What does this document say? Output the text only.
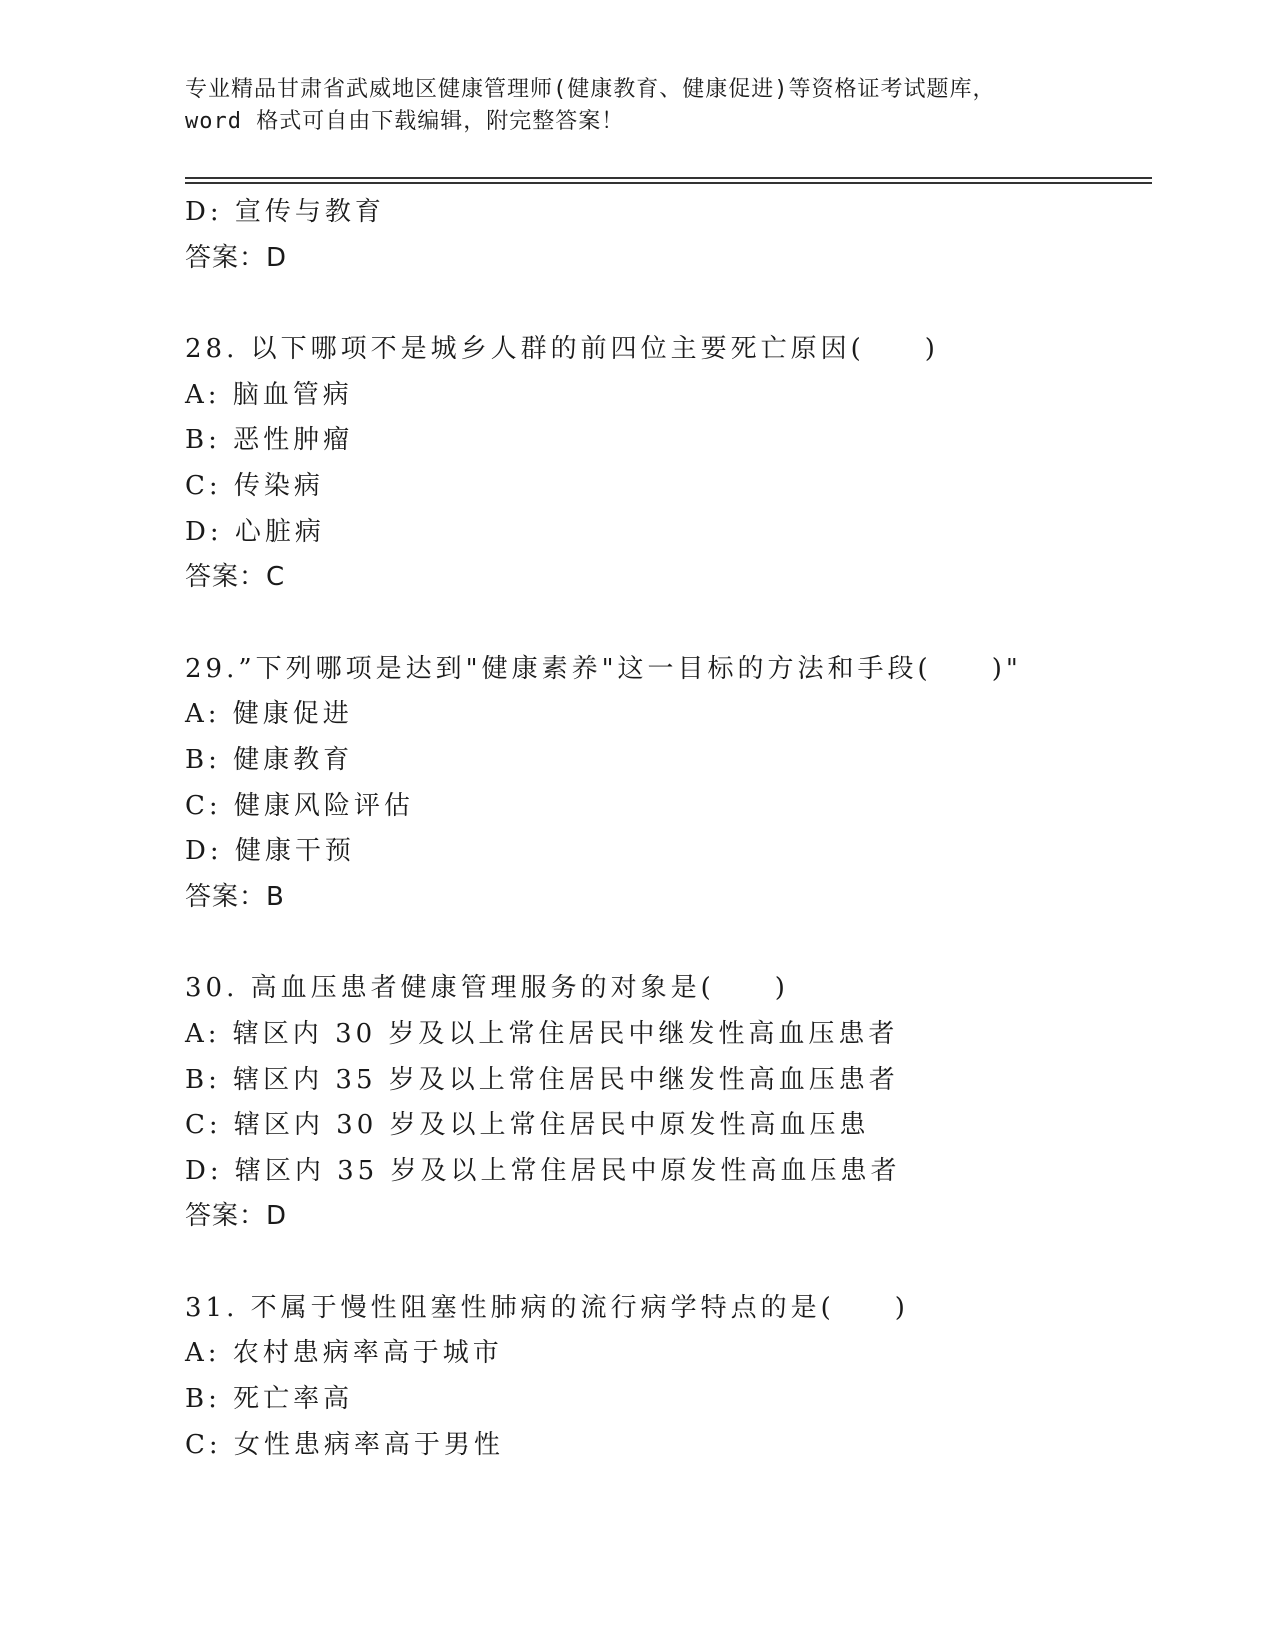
专业精品甘肃省武威地区健康管理师(健康教育、健康促进)等资格证考试题库，
word 格式可自由下载编辑，附完整答案！
D: 宣传与教育
答案：D
28. 以下哪项不是城乡人群的前四位主要死亡原因(　　)
A: 脑血管病
B: 恶性肿瘤
C: 传染病
D: 心脏病
答案：C
29.”下列哪项是达到"健康素养"这一目标的方法和手段(　　)"
A: 健康促进
B: 健康教育
C: 健康风险评估
D: 健康干预
答案：B
30. 高血压患者健康管理服务的对象是(　　)
A: 辖区内 30 岁及以上常住居民中继发性高血压患者
B: 辖区内 35 岁及以上常住居民中继发性高血压患者
C: 辖区内 30 岁及以上常住居民中原发性高血压患
D: 辖区内 35 岁及以上常住居民中原发性高血压患者
答案：D
31. 不属于慢性阻塞性肺病的流行病学特点的是(　　)
A: 农村患病率高于城市
B: 死亡率高
C: 女性患病率高于男性
